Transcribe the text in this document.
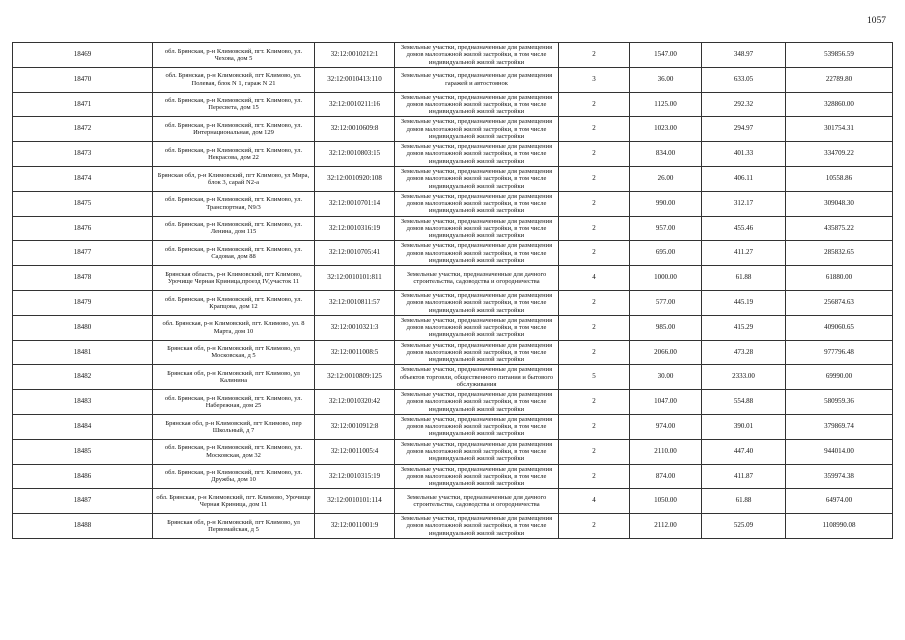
1057
18469	обл. Брянская, р-н Климовский, пгт. Климово, ул. Чехова, дом 5	32:12:0010212:1	Земельные участки, предназначенные для размещения домов малоэтажной жилой застройки, в том числе индивидуальной жилой застройки	2	1547.00	348.97	539856.59
18470	обл. Брянская, р-н Климовский, пгт Климово, ул. Полевая, блок N 1, гараж N 21	32:12:0010413:110	Земельные участки, предназначенные для размещения гаражей и автостоянок	3	36.00	633.05	22789.80
18471	обл. Брянская, р-н Климовский, пгт. Климово, ул. Пересвета, дом 15	32:12:0010211:16	Земельные участки, предназначенные для размещения домов малоэтажной жилой застройки, в том числе индивидуальной жилой застройки	2	1125.00	292.32	328860.00
18472	обл. Брянская, р-н Климовский, пгт. Климово, ул. Интернациональная, дом 129	32:12:0010609:8	Земельные участки, предназначенные для размещения домов малоэтажной жилой застройки, в том числе индивидуальной жилой застройки	2	1023.00	294.97	301754.31
18473	обл. Брянская, р-н Климовский, пгт. Климово, ул. Некрасова, дом 22	32:12:0010803:15	Земельные участки, предназначенные для размещения домов малоэтажной жилой застройки, в том числе индивидуальной жилой застройки	2	834.00	401.33	334709.22
18474	Брянская обл, р-н Климовский, пгт Климово, ул Мира, блок 3, сарай N2-а	32:12:0010920:108	Земельные участки, предназначенные для размещения домов малоэтажной жилой застройки, в том числе индивидуальной жилой застройки	2	26.00	406.11	10558.86
18475	обл. Брянская, р-н Климовский, пгт. Климово, ул. Транспортная, N9/3	32:12:0010701:14	Земельные участки, предназначенные для размещения домов малоэтажной жилой застройки, в том числе индивидуальной жилой застройки	2	990.00	312.17	309048.30
18476	обл. Брянская, р-н Климовский, пгт. Климово, ул. Ленина, дом 115	32:12:0010316:19	Земельные участки, предназначенные для размещения домов малоэтажной жилой застройки, в том числе индивидуальной жилой застройки	2	957.00	455.46	435875.22
18477	обл. Брянская, р-н Климовский, пгт. Климово, ул. Садовая, дом 88	32:12:0010705:41	Земельные участки, предназначенные для размещения домов малоэтажной жилой застройки, в том числе индивидуальной жилой застройки	2	695.00	411.27	285832.65
18478	Брянская область, р-н Климовский, пгт Климово, Урочище Черная Криница,проезд IV,участок 11	32:12:0010101:811	Земельные участки, предназначенные для дачного строительства, садоводства и огородничества	4	1000.00	61.88	61880.00
18479	обл. Брянская, р-н Климовский, пгт. Климово, ул. Крапцова, дом 12	32:12:0010811:57	Земельные участки, предназначенные для размещения домов малоэтажной жилой застройки, в том числе индивидуальной жилой застройки	2	577.00	445.19	256874.63
18480	обл. Брянская, р-н Климовский, пгт. Климово, ул. 8 Марта, дом 10	32:12:0010321:3	Земельные участки, предназначенные для размещения домов малоэтажной жилой застройки, в том числе индивидуальной жилой застройки	2	985.00	415.29	409060.65
18481	Брянская обл, р-н Климовский, пгт Климово, ул Московская, д 5	32:12:0011008:5	Земельные участки, предназначенные для размещения домов малоэтажной жилой застройки, в том числе индивидуальной жилой застройки	2	2066.00	473.28	977796.48
18482	Брянская обл, р-н Климовский, пгт Климово, ул Калинина	32:12:0010809:125	Земельные участки, предназначенные для размещения объектов торговли, общественного питания и бытового обслуживания	5	30.00	2333.00	69990.00
18483	обл. Брянская, р-н Климовский, пгт. Климово, ул. Набережная, дом 25	32:12:0010320:42	Земельные участки, предназначенные для размещения домов малоэтажной жилой застройки, в том числе индивидуальной жилой застройки	2	1047.00	554.88	580959.36
18484	Брянская обл, р-н Климовский, пгт Климово, пер Школьный, д 7	32:12:0010912:8	Земельные участки, предназначенные для размещения домов малоэтажной жилой застройки, в том числе индивидуальной жилой застройки	2	974.00	390.01	379869.74
18485	обл. Брянская, р-н Климовский, пгт. Климово, ул. Московская, дом 32	32:12:0011005:4	Земельные участки, предназначенные для размещения домов малоэтажной жилой застройки, в том числе индивидуальной жилой застройки	2	2110.00	447.40	944014.00
18486	обл. Брянская, р-н Климовский, пгт. Климово, ул. Дружбы, дом 10	32:12:0010315:19	Земельные участки, предназначенные для размещения домов малоэтажной жилой застройки, в том числе индивидуальной жилой застройки	2	874.00	411.87	359974.38
18487	обл. Брянская, р-н Климовский, пгт. Климово, Урочище Черная Криница, дом 11	32:12:0010101:114	Земельные участки, предназначенные для дачного строительства, садоводства и огородничества	4	1050.00	61.88	64974.00
18488	Брянская обл, р-н Климовский, пгт Климово, ул Первомайская, д 5	32:12:0011001:9	Земельные участки, предназначенные для размещения домов малоэтажной жилой застройки, в том числе индивидуальной жилой застройки	2	2112.00	525.09	1108990.08
